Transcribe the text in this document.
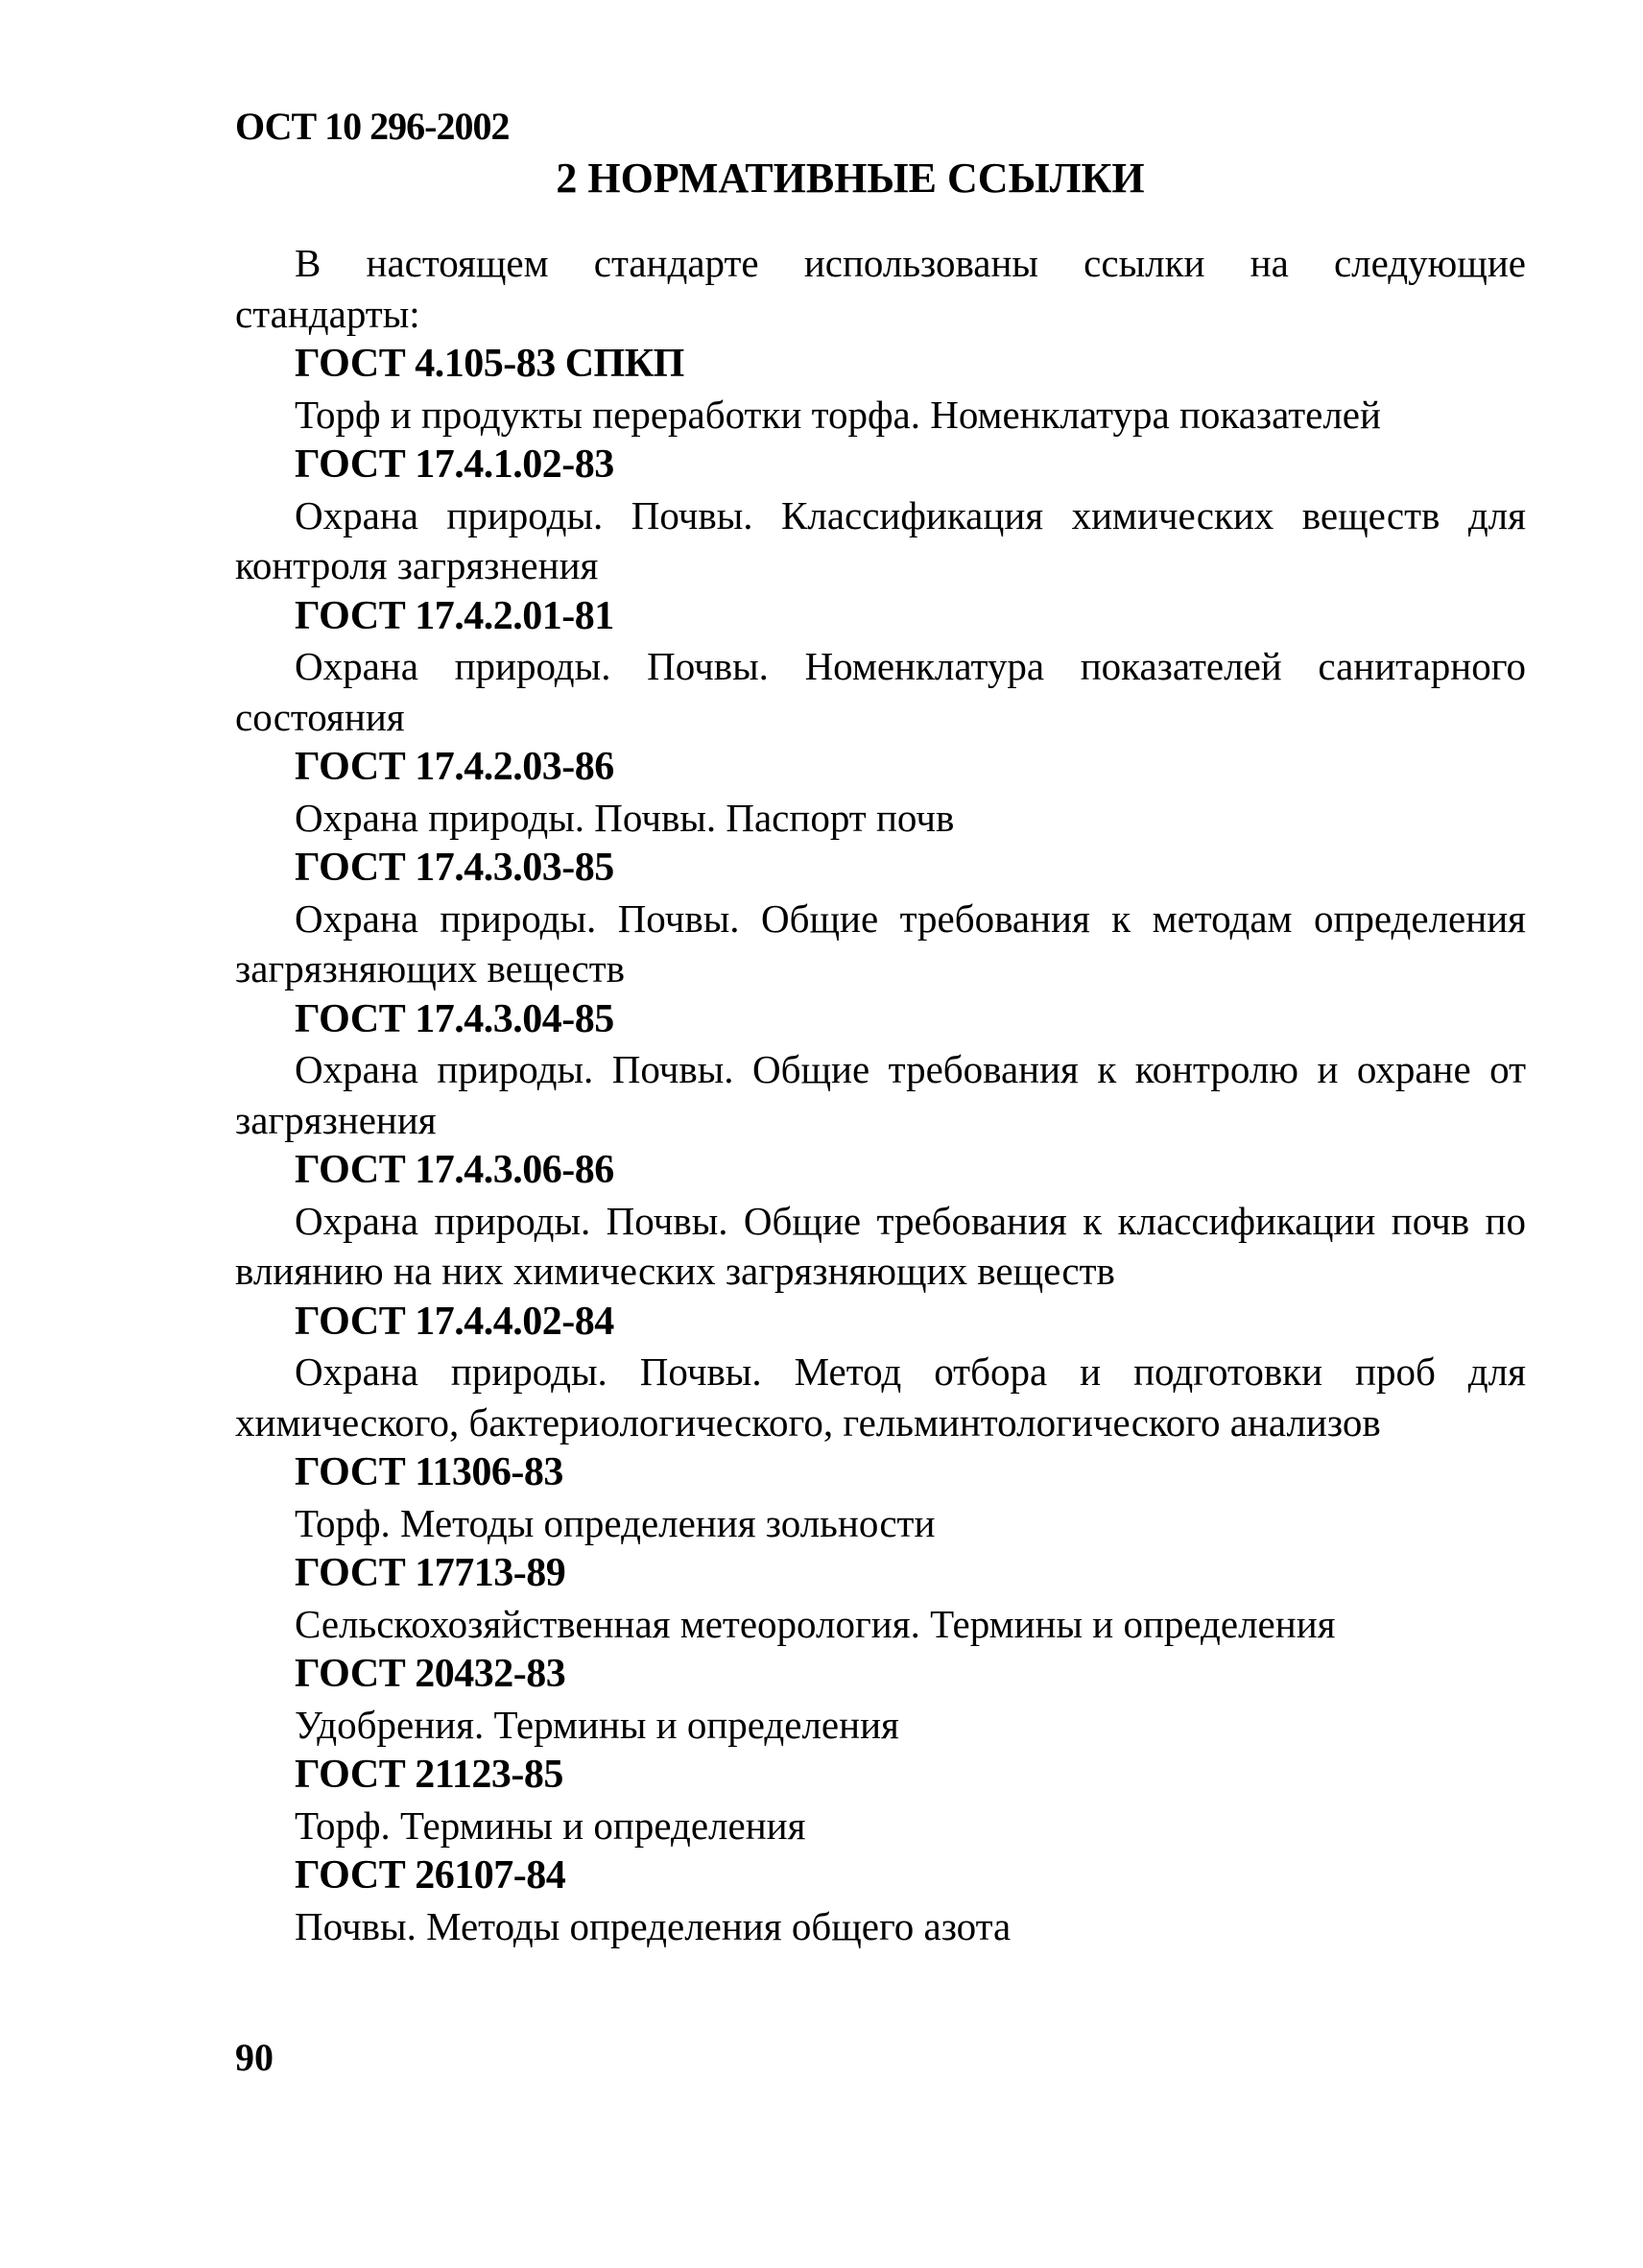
ОСТ 10 296-2002

2 НОРМАТИВНЫЕ ССЫЛКИ

В настоящем стандарте использованы ссылки на следующие стандарты:

ГОСТ 4.105-83 СПКП

Торф и продукты переработки торфа. Номенклатура показателей

ГОСТ 17.4.1.02-83

Охрана природы. Почвы. Классификация химических веществ для контроля загрязнения

ГОСТ 17.4.2.01-81

Охрана природы. Почвы. Номенклатура показателей санитарного состояния

ГОСТ 17.4.2.03-86

Охрана природы. Почвы. Паспорт почв

ГОСТ 17.4.3.03-85

Охрана природы. Почвы. Общие требования к методам определения загрязняющих веществ

ГОСТ 17.4.3.04-85

Охрана природы. Почвы. Общие требования к контролю и охране от загрязнения

ГОСТ 17.4.3.06-86

Охрана природы. Почвы. Общие требования к классификации почв по влиянию на них химических загрязняющих веществ

ГОСТ 17.4.4.02-84

Охрана природы. Почвы. Метод отбора и подготовки проб для химического, бактериологического, гельминтологического анализов

ГОСТ 11306-83

Торф. Методы определения зольности

ГОСТ 17713-89

Сельскохозяйственная метеорология. Термины и определения

ГОСТ 20432-83

Удобрения. Термины и определения

ГОСТ 21123-85

Торф. Термины и определения

ГОСТ 26107-84

Почвы. Методы определения общего азота

90
